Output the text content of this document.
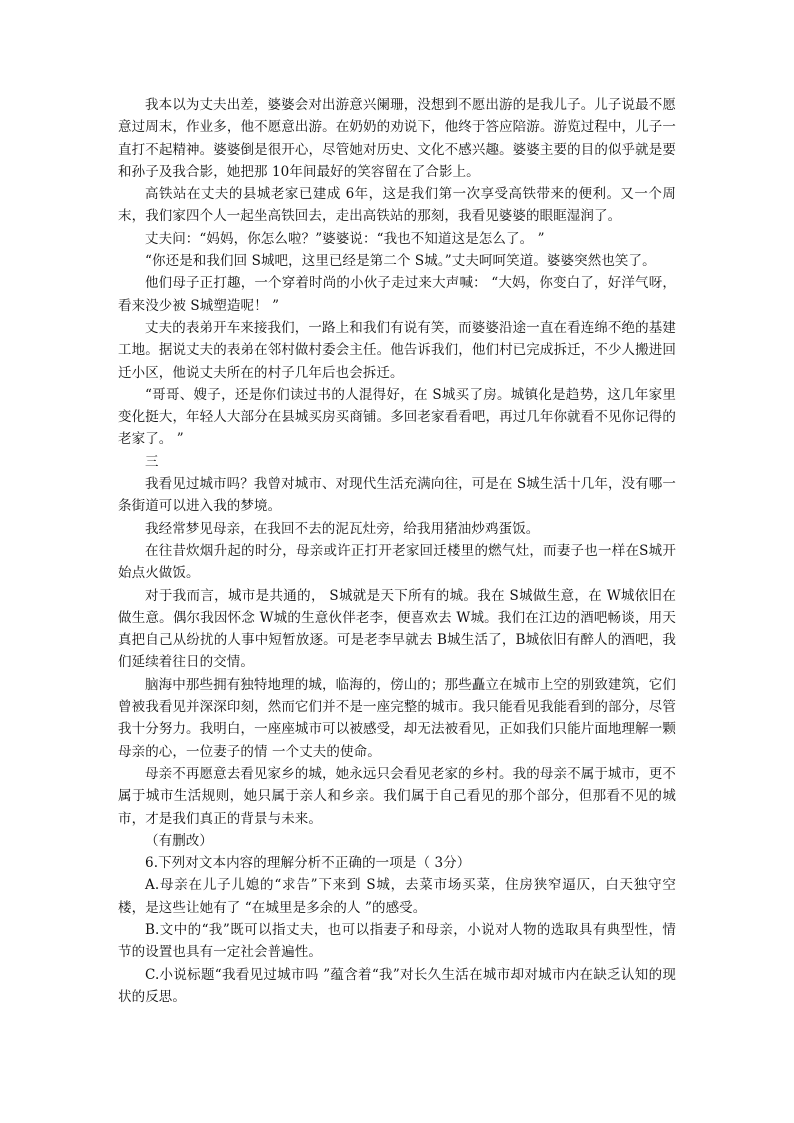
我本以为丈夫出差，婆婆会对出游意兴阑珊，没想到不愿出游的是我儿子。儿子说最不愿意过周末，作业多，他不愿意出游。在奶奶的劝说下，他终于答应陪游。游览过程中，儿子一直打不起精神。婆婆倒是很开心，尽管她对历史、文化不感兴趣。婆婆主要的目的似乎就是要和孙子及我合影，她把那 10年间最好的笑容留在了合影上。

高铁站在丈夫的县城老家已建成 6年，这是我们第一次享受高铁带来的便利。又一个周末，我们家四个人一起坐高铁回去，走出高铁站的那刻，我看见婆婆的眼眶湿润了。

丈夫问：“妈妈，你怎么啦？”婆婆说：“我也不知道这是怎么了。 ”

“你还是和我们回 S城吧，这里已经是第二个 S城。”丈夫呵呵笑道。婆婆突然也笑了。

他们母子正打趣，一个穿着时尚的小伙子走过来大声喊： “大妈，你变白了，好洋气呀，看来没少被 S城塑造呢！ ”

丈夫的表弟开车来接我们，一路上和我们有说有笑，而婆婆沿途一直在看连绵不绝的基建工地。据说丈夫的表弟在邻村做村委会主任。他告诉我们，他们村已完成拆迁，不少人搬进回迁小区，他说丈夫所在的村子几年后也会拆迁。

“哥哥、嫂子，还是你们读过书的人混得好，在 S城买了房。城镇化是趋势，这几年家里变化挺大，年轻人大部分在县城买房买商铺。多回老家看看吧，再过几年你就看不见你记得的老家了。 ”

三

我看见过城市吗？我曾对城市、对现代生活充满向往，可是在 S城生活十几年，没有哪一条街道可以进入我的梦境。

我经常梦见母亲，在我回不去的泥瓦灶旁，给我用猪油炒鸡蛋饭。

在往昔炊烟升起的时分，母亲或许正打开老家回迁楼里的燃气灶，而妻子也一样在S城开始点火做饭。

对于我而言，城市是共通的， S城就是天下所有的城。我在 S城做生意，在 W城依旧在做生意。偶尔我因怀念 W城的生意伙伴老李，便喜欢去 W城。我们在江边的酒吧畅谈，用天真把自己从纷扰的人事中短暂放逐。可是老李早就去 B城生活了，B城依旧有醉人的酒吧，我们延续着往日的交情。

脑海中那些拥有独特地理的城，临海的，傍山的；那些矗立在城市上空的别致建筑，它们曾被我看见并深深印刻，然而它们并不是一座完整的城市。我只能看见我能看到的部分，尽管我十分努力。我明白，一座座城市可以被感受，却无法被看见，正如我们只能片面地理解一颗母亲的心，一位妻子的情 一个丈夫的使命。

母亲不再愿意去看见家乡的城，她永远只会看见老家的乡村。我的母亲不属于城市，更不属于城市生活规则，她只属于亲人和乡亲。我们属于自己看见的那个部分，但那看不见的城市，才是我们真正的背景与未来。

（有删改）

6.下列对文本内容的理解分析不正确的一项是（ 3分）

A.母亲在儿子儿媳的“求告”下来到 S城，去菜市场买菜，住房狭窄逼仄，白天独守空楼，是这些让她有了 “在城里是多余的人 ”的感受。

B.文中的“我”既可以指丈夫，也可以指妻子和母亲，小说对人物的选取具有典型性，情节的设置也具有一定社会普遍性。

C.小说标题“我看见过城市吗 ”蕴含着“我”对长久生活在城市却对城市内在缺乏认知的现状的反思。
